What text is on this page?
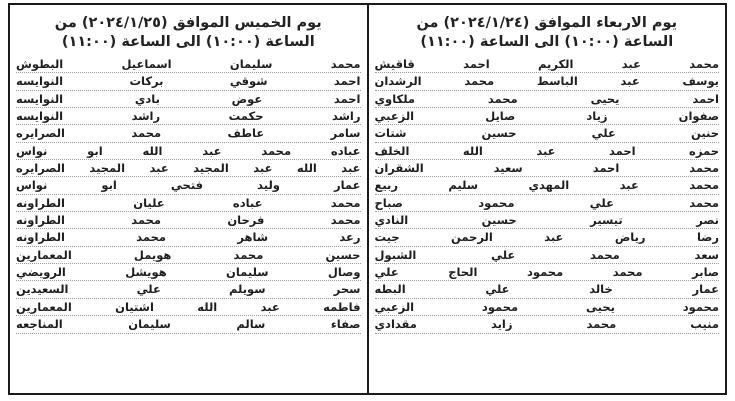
يوم الاربعاء الموافق (٢٠٢٤/١/٢٤) من
الساعة (١٠:٠٠) الى الساعة (١١:٠٠)
محمد عبد الكريم احمد قاقيش
يوسف عبد الباسط محمد الرشدان
احمد يحيى محمد ملكاوي
صفوان زياد صايل الزعبي
حنين علي حسين شتات
حمزه احمد عبد الله الخلف
محمد احمد سعيد الشقران
محمد عبد المهدي سليم ربيع
محمد علي محمود صباح
نصر تيسير حسين النادي
رضا رياض عبد الرحمن جيت
سعد محمد علي الشبول
صابر محمد محمود الحاج علي
عمار خالد علي البطه
محمود يحيى محمود الزعبي
منيب محمد زايد مقدادي
يوم الخميس الموافق (٢٠٢٤/١/٢٥) من
الساعة (١٠:٠٠) الى الساعة (١١:٠٠)
محمد سليمان اسماعيل البطوش
احمد شوقي بركات النوايسه
احمد عوض بادي النوايسه
راشد حكمت راشد النوايسه
سامر عاطف محمد الصرايره
عباده محمد عبد الله ابو نواس
عبد الله عبد المجيد عبد المجيد الصرايره
عمار وليد فتحي ابو نواس
محمد عباده عليان الطراونه
محمد فرحان محمد الطراونه
رعد شاهر محمد الطراونه
حسين محمد هويمل المعمارين
وصال سليمان هويشل الرويضي
سحر سويلم علي السعيدين
فاطمه عبد الله اشتيان المعمارين
صفاء سالم سليمان المناجعه
